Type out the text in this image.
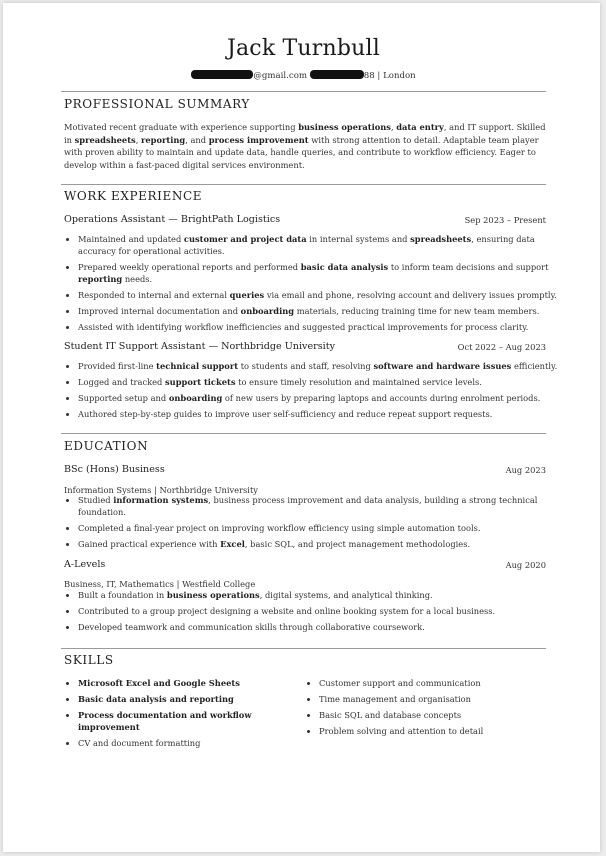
Jack Turnbull
@gmail.com	88 | London
PROFESSIONAL SUMMARY
Motivated recent graduate with experience supporting business operations, data entry, and IT support. Skilled in spreadsheets, reporting, and process improvement with strong attention to detail. Adaptable team player with proven ability to maintain and update data, handle queries, and contribute to workflow efficiency. Eager to develop within a fast-paced digital services environment.
WORK EXPERIENCE
Operations Assistant — BrightPath Logistics	Sep 2023 – Present
• Maintained and updated customer and project data in internal systems and spreadsheets, ensuring data accuracy for operational activities.
• Prepared weekly operational reports and performed basic data analysis to inform team decisions and support reporting needs.
• Responded to internal and external queries via email and phone, resolving account and delivery issues promptly.
• Improved internal documentation and onboarding materials, reducing training time for new team members.
• Assisted with identifying workflow inefficiencies and suggested practical improvements for process clarity.
Student IT Support Assistant — Northbridge University	Oct 2022 – Aug 2023
• Provided first-line technical support to students and staff, resolving software and hardware issues efficiently.
• Logged and tracked support tickets to ensure timely resolution and maintained service levels.
• Supported setup and onboarding of new users by preparing laptops and accounts during enrolment periods.
• Authored step-by-step guides to improve user self-sufficiency and reduce repeat support requests.
EDUCATION
BSc (Hons) Business	Aug 2023
Information Systems | Northbridge University
• Studied information systems, business process improvement and data analysis, building a strong technical foundation.
• Completed a final-year project on improving workflow efficiency using simple automation tools.
• Gained practical experience with Excel, basic SQL, and project management methodologies.
A-Levels	Aug 2020
Business, IT, Mathematics | Westfield College
• Built a foundation in business operations, digital systems, and analytical thinking.
• Contributed to a group project designing a website and online booking system for a local business.
• Developed teamwork and communication skills through collaborative coursework.
SKILLS
• Microsoft Excel and Google Sheets
• Basic data analysis and reporting
• Process documentation and workflow improvement
• CV and document formatting
• Customer support and communication
• Time management and organisation
• Basic SQL and database concepts
• Problem solving and attention to detail
